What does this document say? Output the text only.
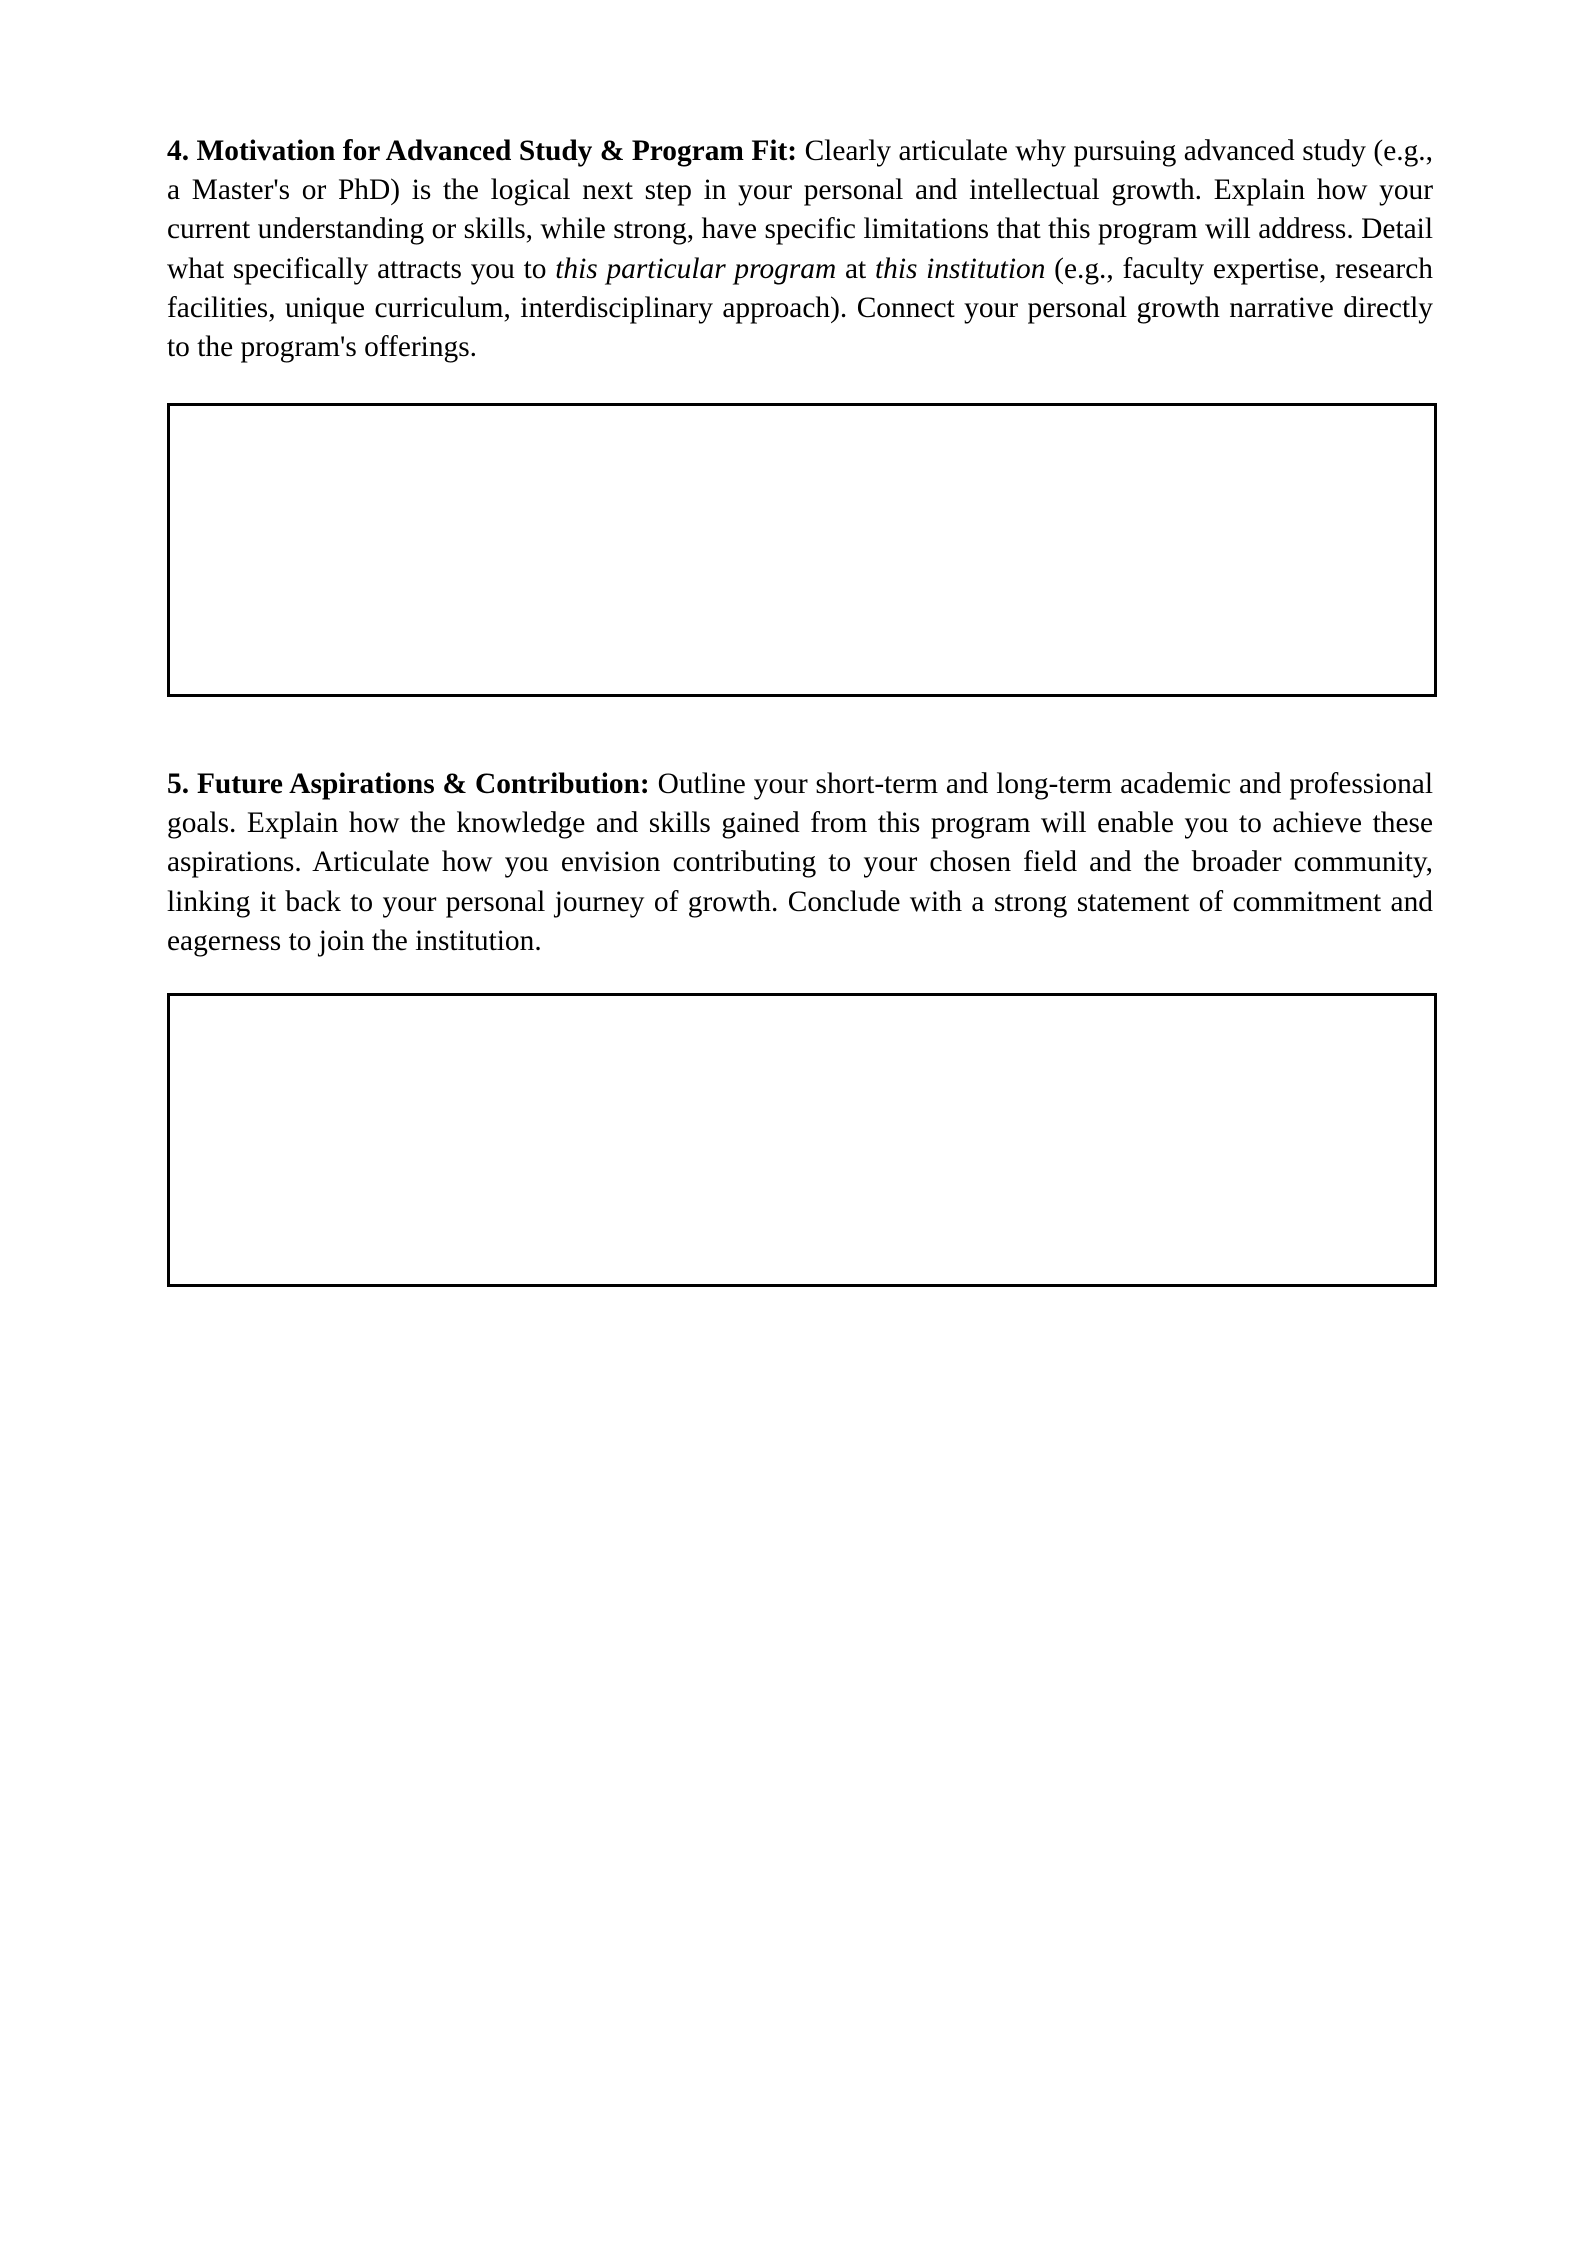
4. Motivation for Advanced Study & Program Fit: Clearly articulate why pursuing advanced study (e.g., a Master's or PhD) is the logical next step in your personal and intellectual growth. Explain how your current understanding or skills, while strong, have specific limitations that this program will address. Detail what specifically attracts you to this particular program at this institution (e.g., faculty expertise, research facilities, unique curriculum, interdisciplinary approach). Connect your personal growth narrative directly to the program's offerings.

5. Future Aspirations & Contribution: Outline your short-term and long-term academic and professional goals. Explain how the knowledge and skills gained from this program will enable you to achieve these aspirations. Articulate how you envision contributing to your chosen field and the broader community, linking it back to your personal journey of growth. Conclude with a strong statement of commitment and eagerness to join the institution.
